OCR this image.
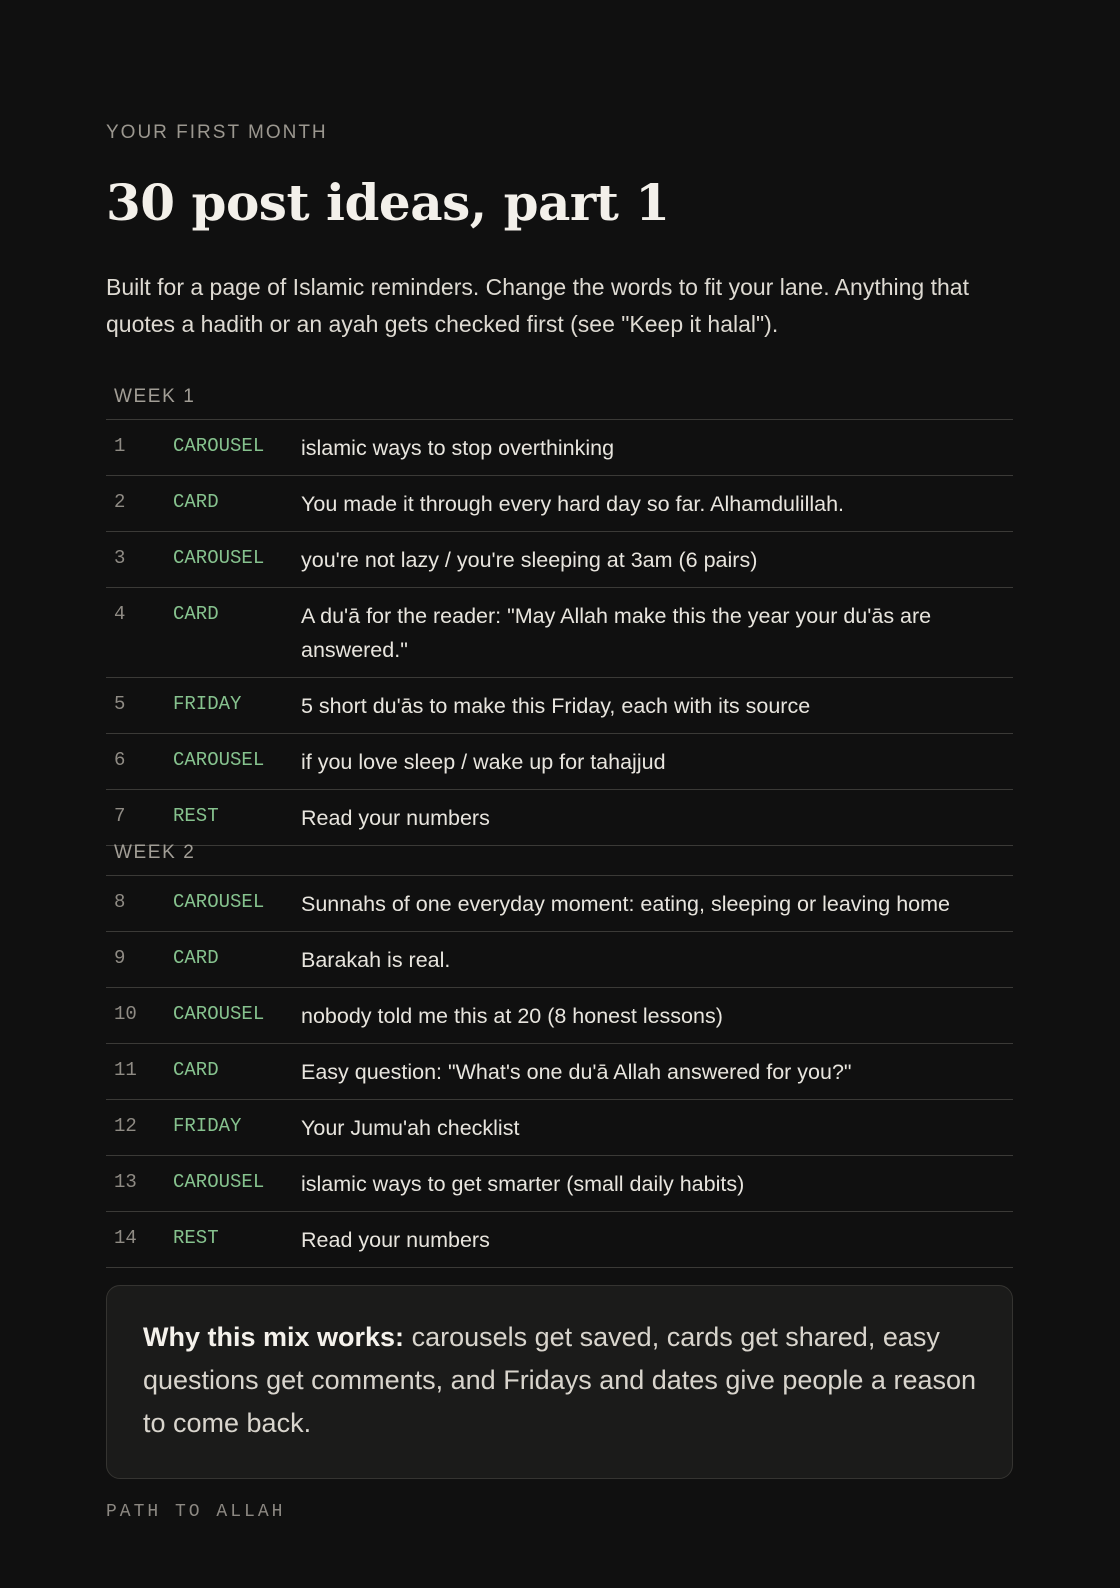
YOUR FIRST MONTH
30 post ideas, part 1

Built for a page of Islamic reminders. Change the words to fit your lane. Anything that quotes a hadith or an ayah gets checked first (see "Keep it halal").

WEEK 1
1	CAROUSEL	islamic ways to stop overthinking
2	CARD	You made it through every hard day so far. Alhamdulillah.
3	CAROUSEL	you're not lazy / you're sleeping at 3am (6 pairs)
4	CARD	A du'ā for the reader: "May Allah make this the year your du'ās are answered."
5	FRIDAY	5 short du'ās to make this Friday, each with its source
6	CAROUSEL	if you love sleep / wake up for tahajjud
7	REST	Read your numbers
WEEK 2
8	CAROUSEL	Sunnahs of one everyday moment: eating, sleeping or leaving home
9	CARD	Barakah is real.
10	CAROUSEL	nobody told me this at 20 (8 honest lessons)
11	CARD	Easy question: "What's one du'ā Allah answered for you?"
12	FRIDAY	Your Jumu'ah checklist
13	CAROUSEL	islamic ways to get smarter (small daily habits)
14	REST	Read your numbers
Why this mix works: carousels get saved, cards get shared, easy questions get comments, and Fridays and dates give people a reason to come back.
PATH TO ALLAH
